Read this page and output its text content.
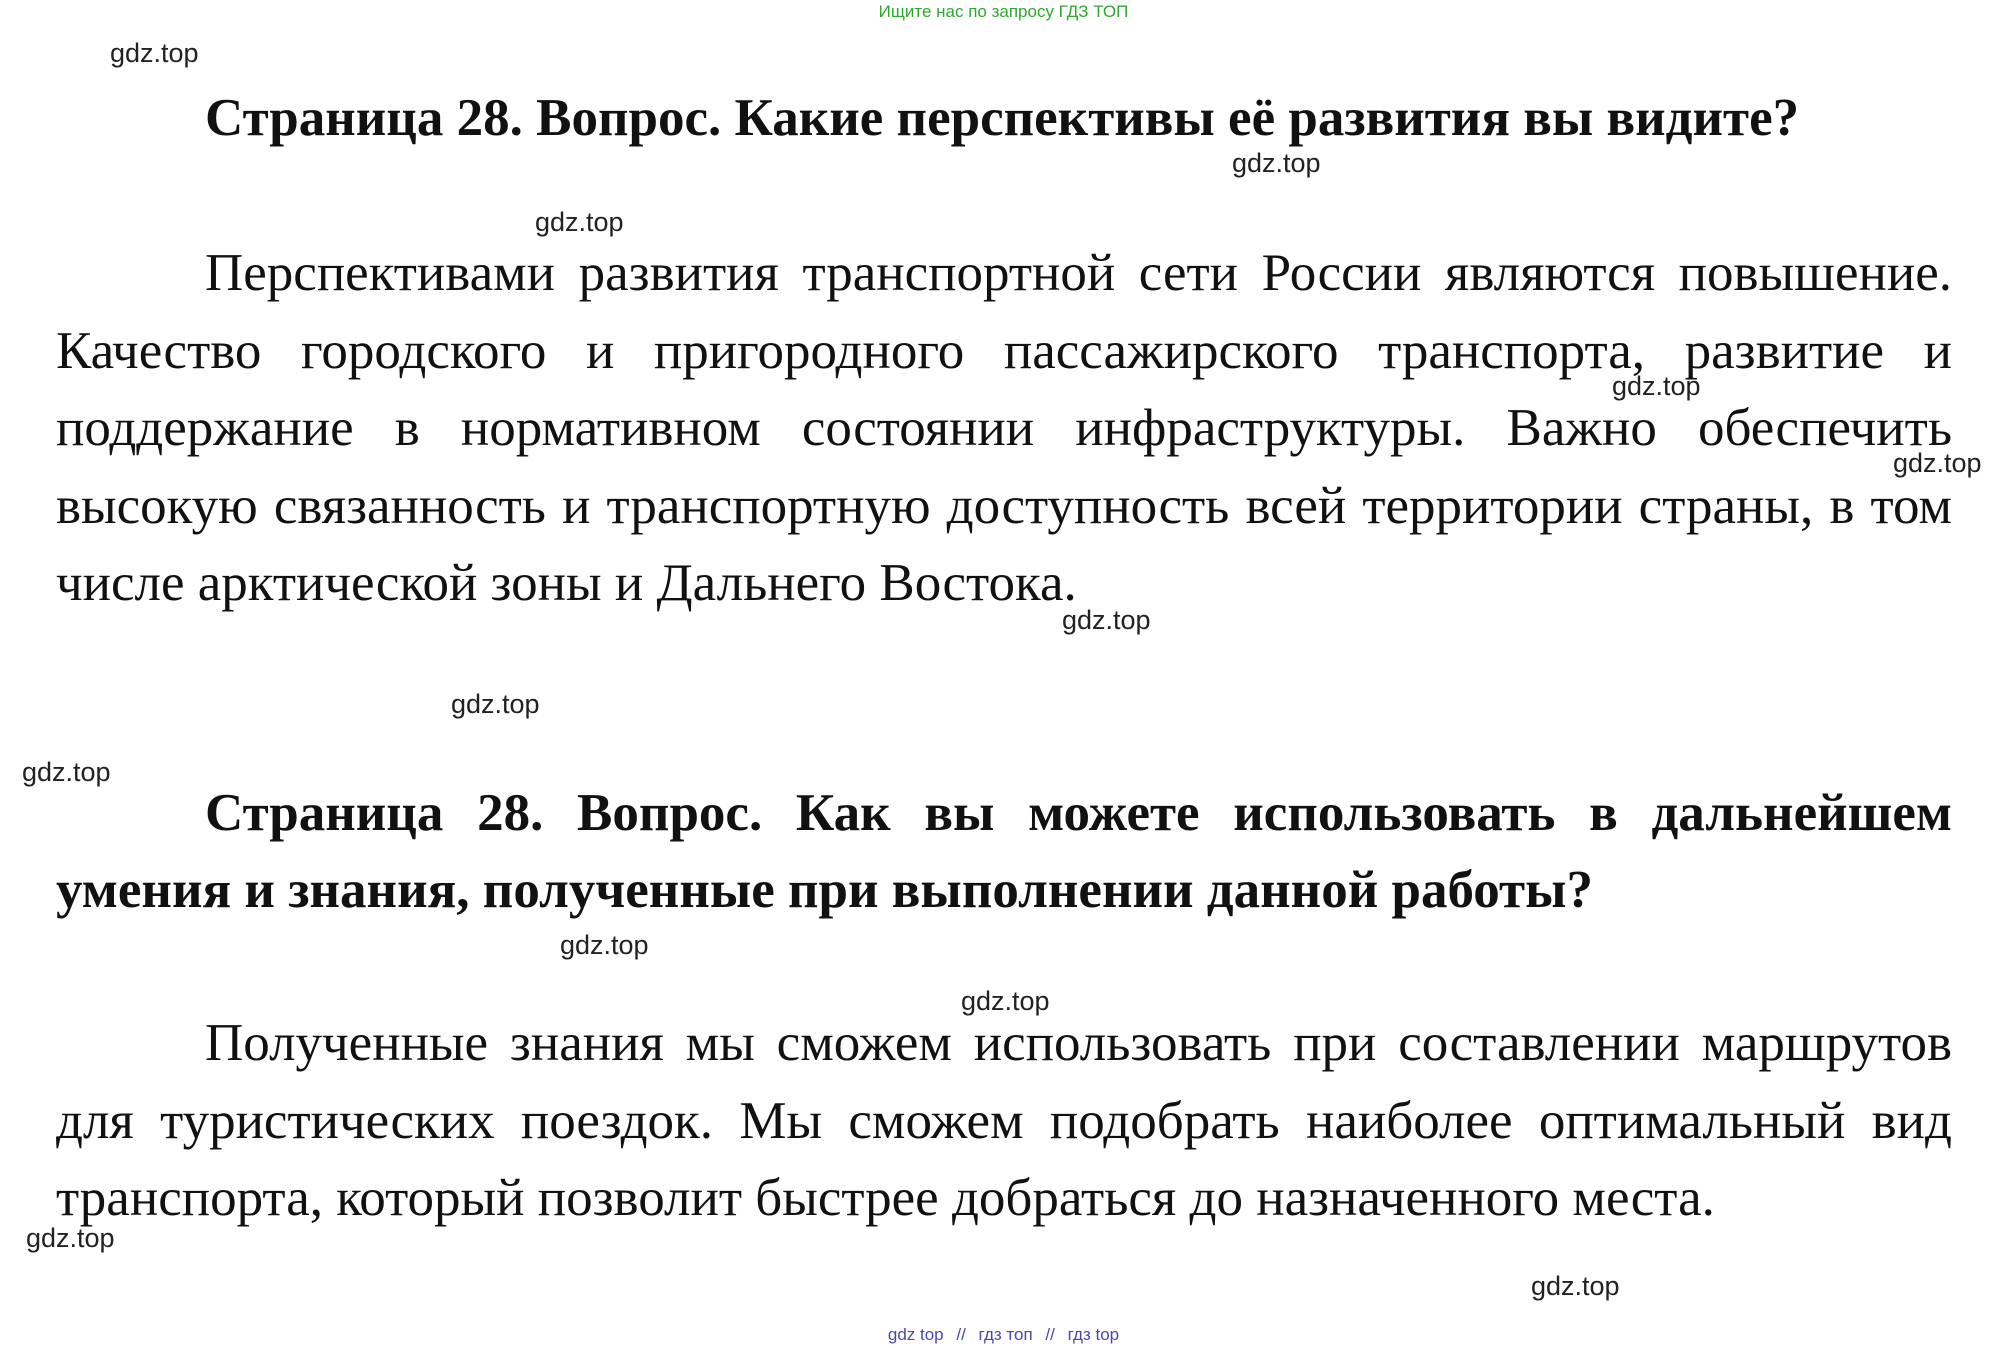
Ищите нас по запросу ГДЗ ТОП

Страница 28. Вопрос. Какие перспективы её развития вы видите?

Перспективами развития транспортной сети России являются повышение. Качество городского и пригородного пассажирского транспорта, развитие и поддержание в нормативном состоянии инфраструктуры. Важно обеспечить высокую связанность и транспортную доступность всей территории страны, в том числе арктической зоны и Дальнего Востока.

Страница 28. Вопрос. Как вы можете использовать в дальнейшем умения и знания, полученные при выполнении данной работы?

Полученные знания мы сможем использовать при составлении маршрутов для туристических поездок. Мы сможем подобрать наиболее оптимальный вид транспорта, который позволит быстрее добраться до назначенного места.

gdz.top
gdz.top
gdz.top
gdz.top
gdz.top
gdz.top
gdz.top
gdz.top
gdz.top
gdz.top
gdz.top
gdz.top
gdz top // гдз топ // гдз top
